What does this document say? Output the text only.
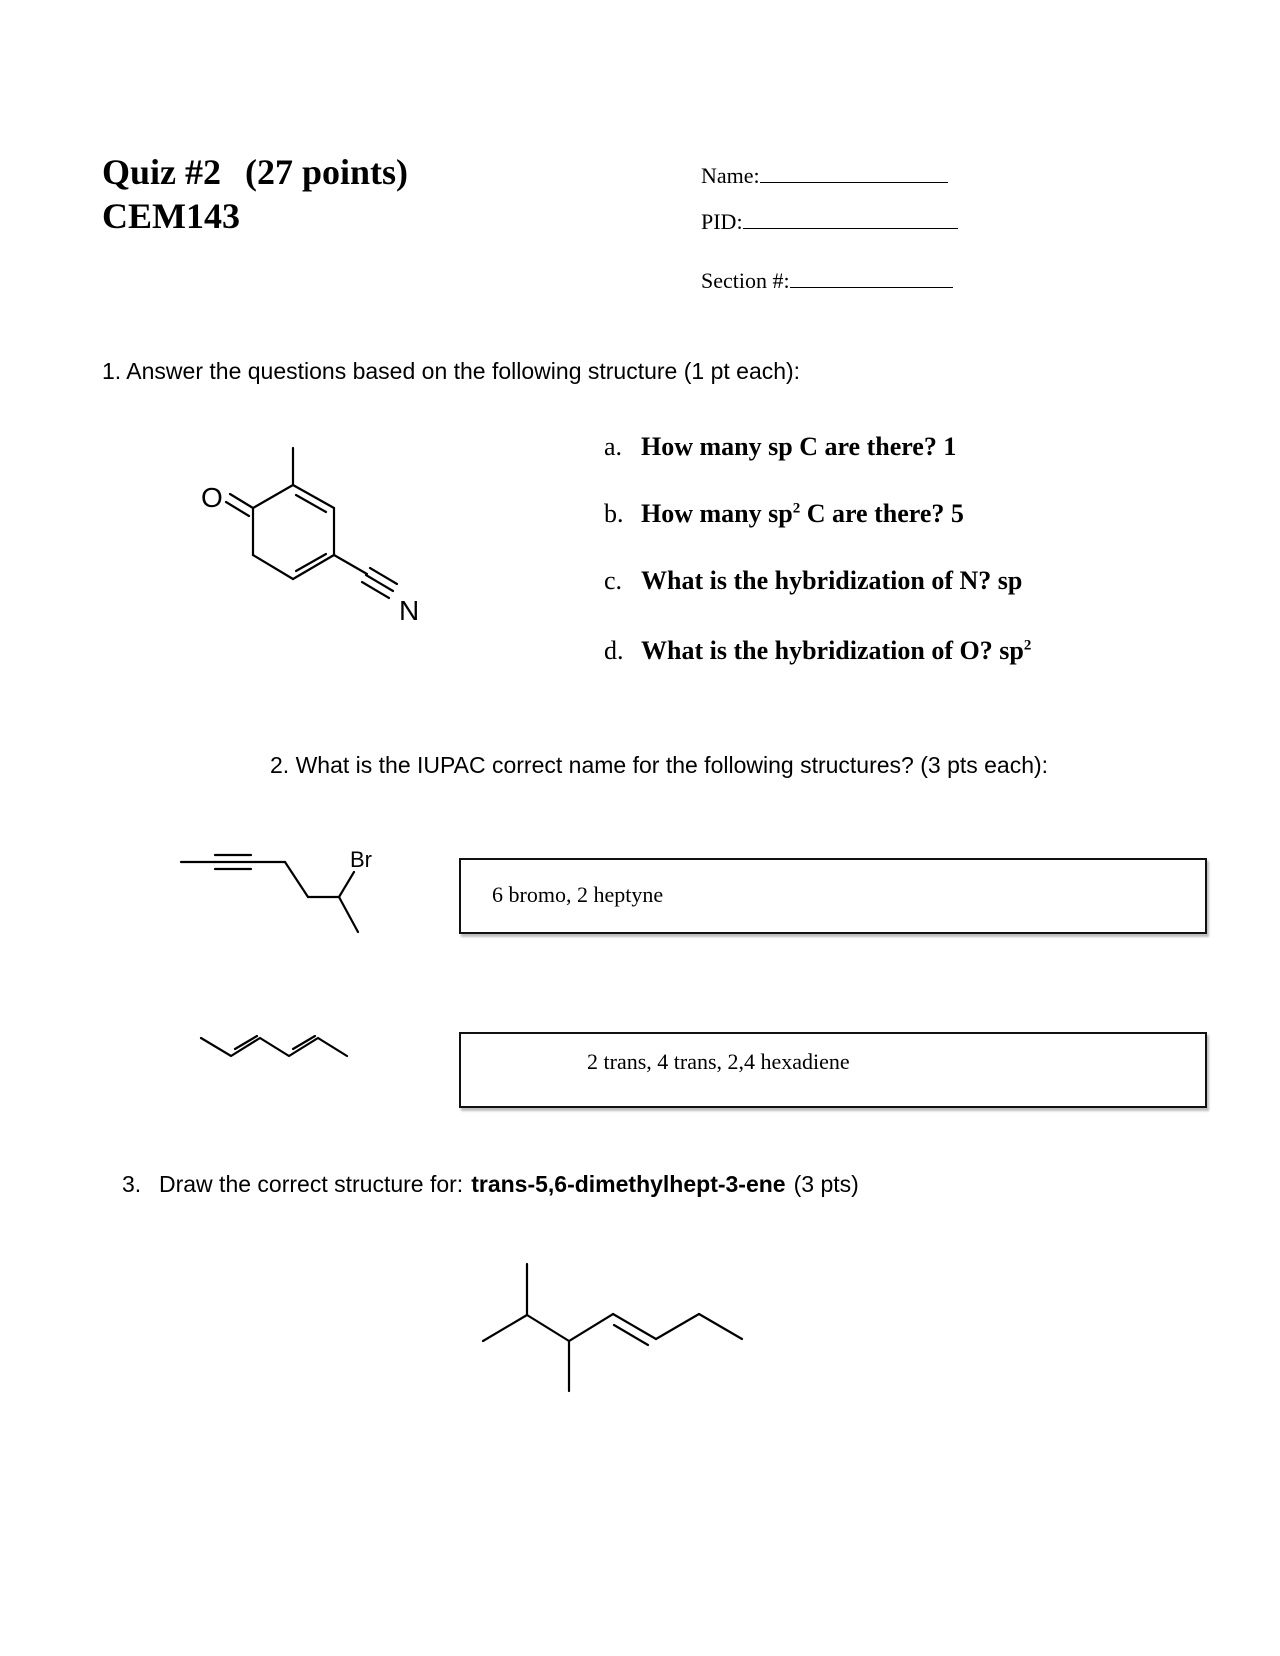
Quiz #2 (27 points)
CEM143
Name:
PID:
Section #:
1. Answer the questions based on the following structure (1 pt each):
O
N
a. How many sp C are there? 1
b. How many $sp^2$ C are there? 5
c. What is the hybridization of N? sp
d. What is the hybridization of O? $sp^2$
2. What is the IUPAC correct name for the following structures? (3 pts each):
Br
6 bromo, 2 heptyne
2 trans, 4 trans, 2,4 hexadiene
3. Draw the correct structure for: trans-5,6-dimethylhept-3-ene (3 pts)
